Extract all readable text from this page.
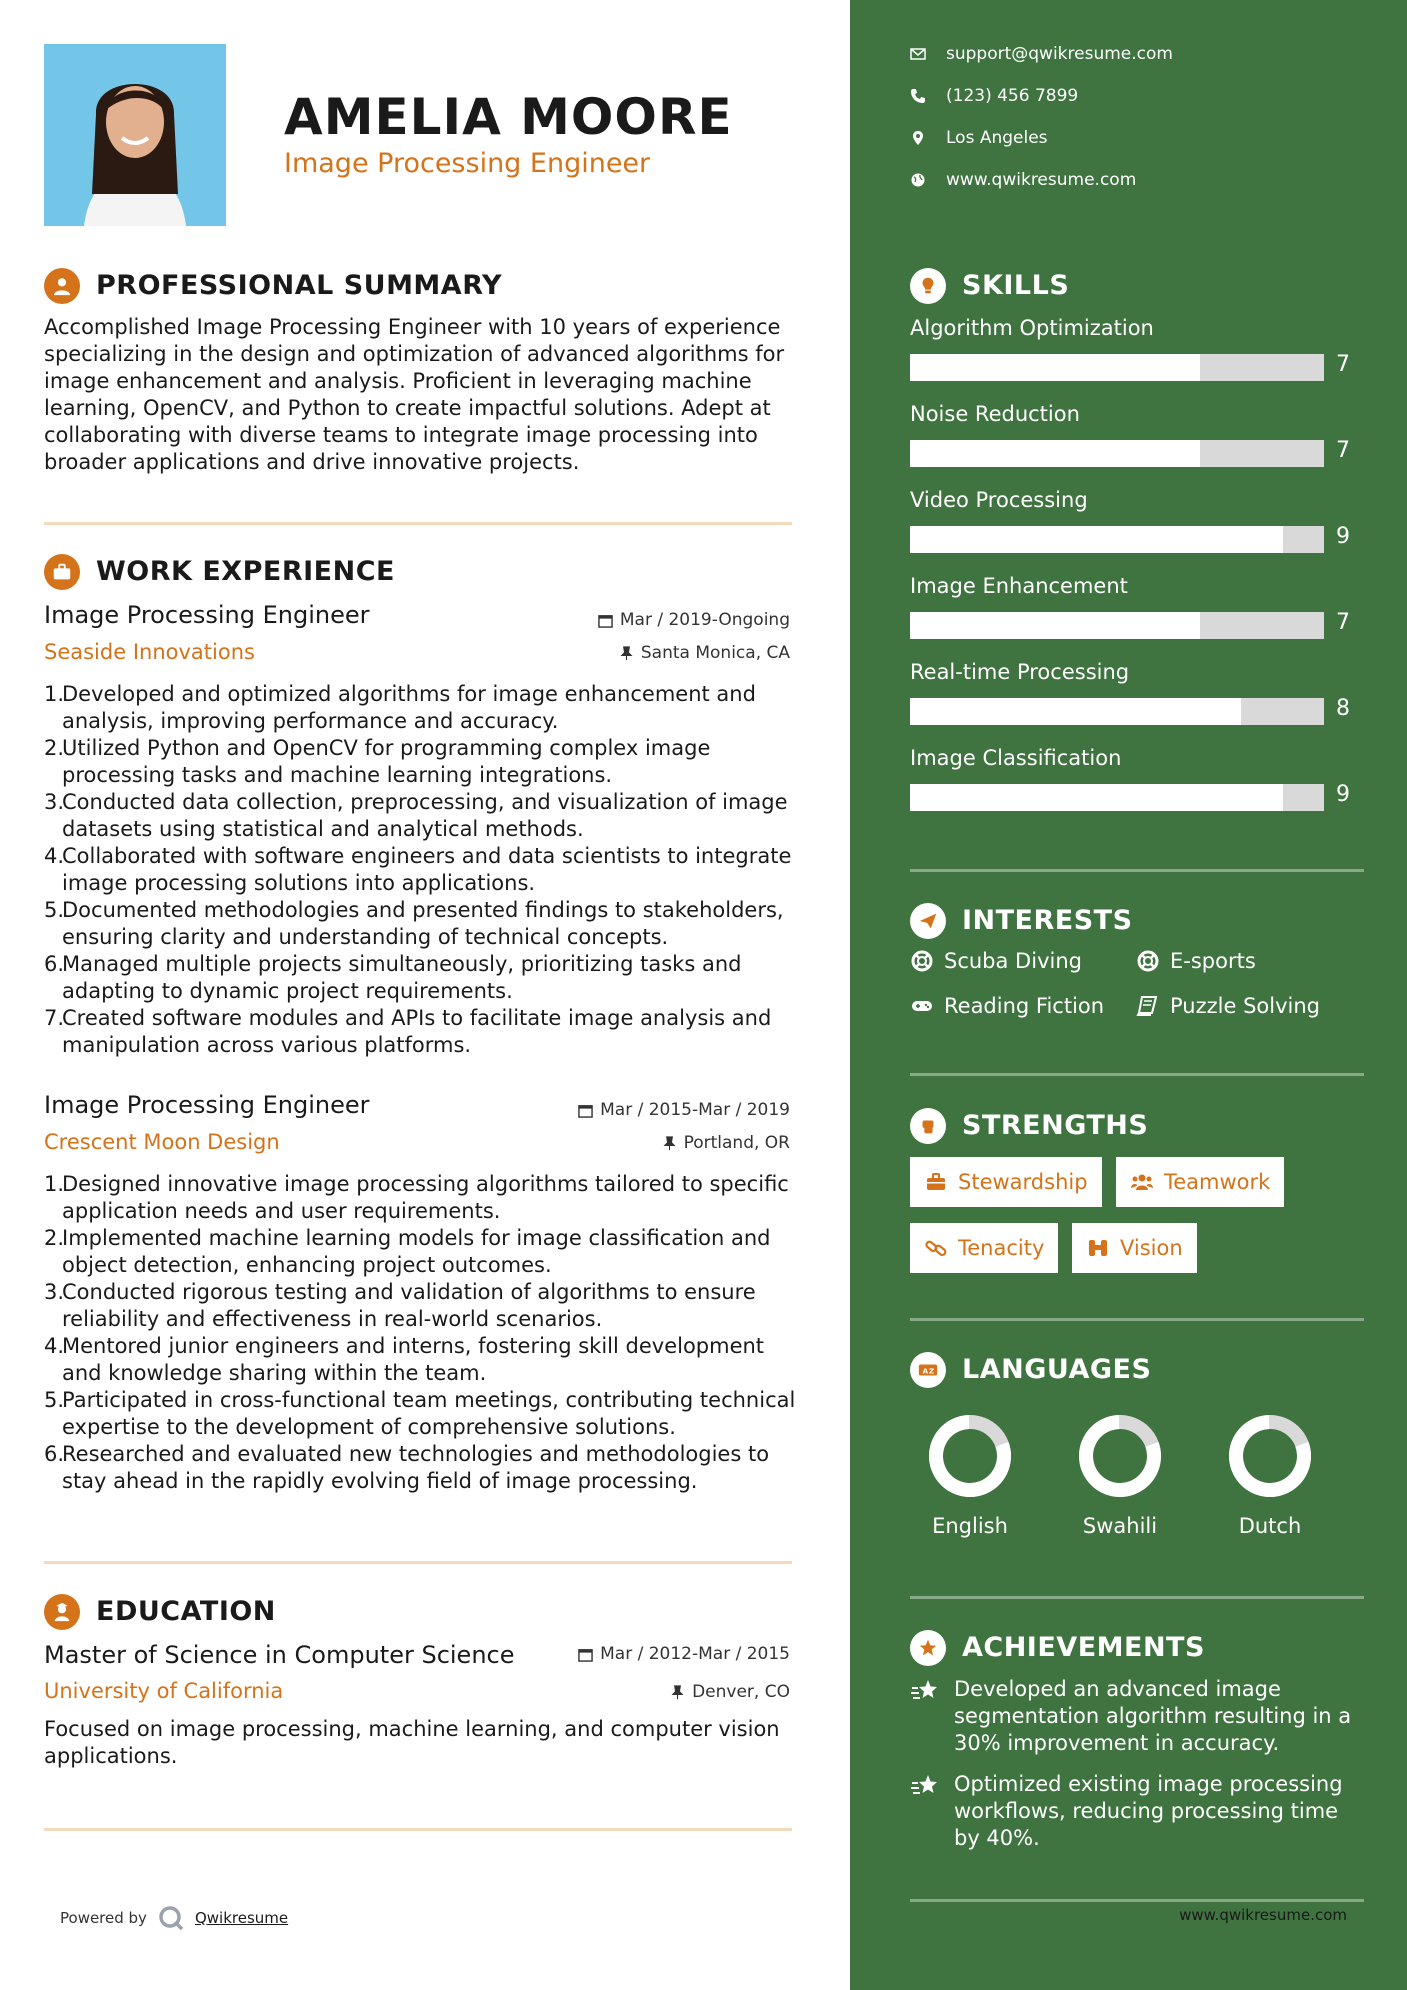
AMELIA MOORE
Image Processing Engineer
PROFESSIONAL SUMMARY
Accomplished Image Processing Engineer with 10 years of experience specializing in the design and optimization of advanced algorithms for image enhancement and analysis. Proficient in leveraging machine learning, OpenCV, and Python to create impactful solutions. Adept at collaborating with diverse teams to integrate image processing into broader applications and drive innovative projects.
WORK EXPERIENCE
Image Processing Engineer	Mar / 2019-Ongoing
Seaside Innovations	Santa Monica, CA
1.
Developed and optimized algorithms for image enhancement and analysis, improving performance and accuracy.
2.
Utilized Python and OpenCV for programming complex image processing tasks and machine learning integrations.
3.
Conducted data collection, preprocessing, and visualization of image datasets using statistical and analytical methods.
4.
Collaborated with software engineers and data scientists to integrate image processing solutions into applications.
5.
Documented methodologies and presented findings to stakeholders, ensuring clarity and understanding of technical concepts.
6.
Managed multiple projects simultaneously, prioritizing tasks and adapting to dynamic project requirements.
7.
Created software modules and APIs to facilitate image analysis and manipulation across various platforms.
Image Processing Engineer	Mar / 2015-Mar / 2019
Crescent Moon Design	Portland, OR
1.
Designed innovative image processing algorithms tailored to specific application needs and user requirements.
2.
Implemented machine learning models for image classification and object detection, enhancing project outcomes.
3.
Conducted rigorous testing and validation of algorithms to ensure reliability and effectiveness in real-world scenarios.
4.
Mentored junior engineers and interns, fostering skill development and knowledge sharing within the team.
5.
Participated in cross-functional team meetings, contributing technical expertise to the development of comprehensive solutions.
6.
Researched and evaluated new technologies and methodologies to stay ahead in the rapidly evolving field of image processing.
EDUCATION
Master of Science in Computer Science	Mar / 2012-Mar / 2015
University of California	Denver, CO
Focused on image processing, machine learning, and computer vision applications.
Powered by	Qwikresume
support@qwikresume.com
(123) 456 7899
Los Angeles
www.qwikresume.com
SKILLS
Algorithm Optimization
7
Noise Reduction
7
Video Processing
9
Image Enhancement
7
Real-time Processing
8
Image Classification
9
INTERESTS
Scuba Diving	E-sports
Reading Fiction	Puzzle Solving
STRENGTHS
Stewardship	Teamwork
Tenacity	Vision
A Z LANGUAGES
English	Swahili	Dutch
ACHIEVEMENTS
Developed an advanced image segmentation algorithm resulting in a 30% improvement in accuracy.
Optimized existing image processing workflows, reducing processing time by 40%.
www.qwikresume.com
